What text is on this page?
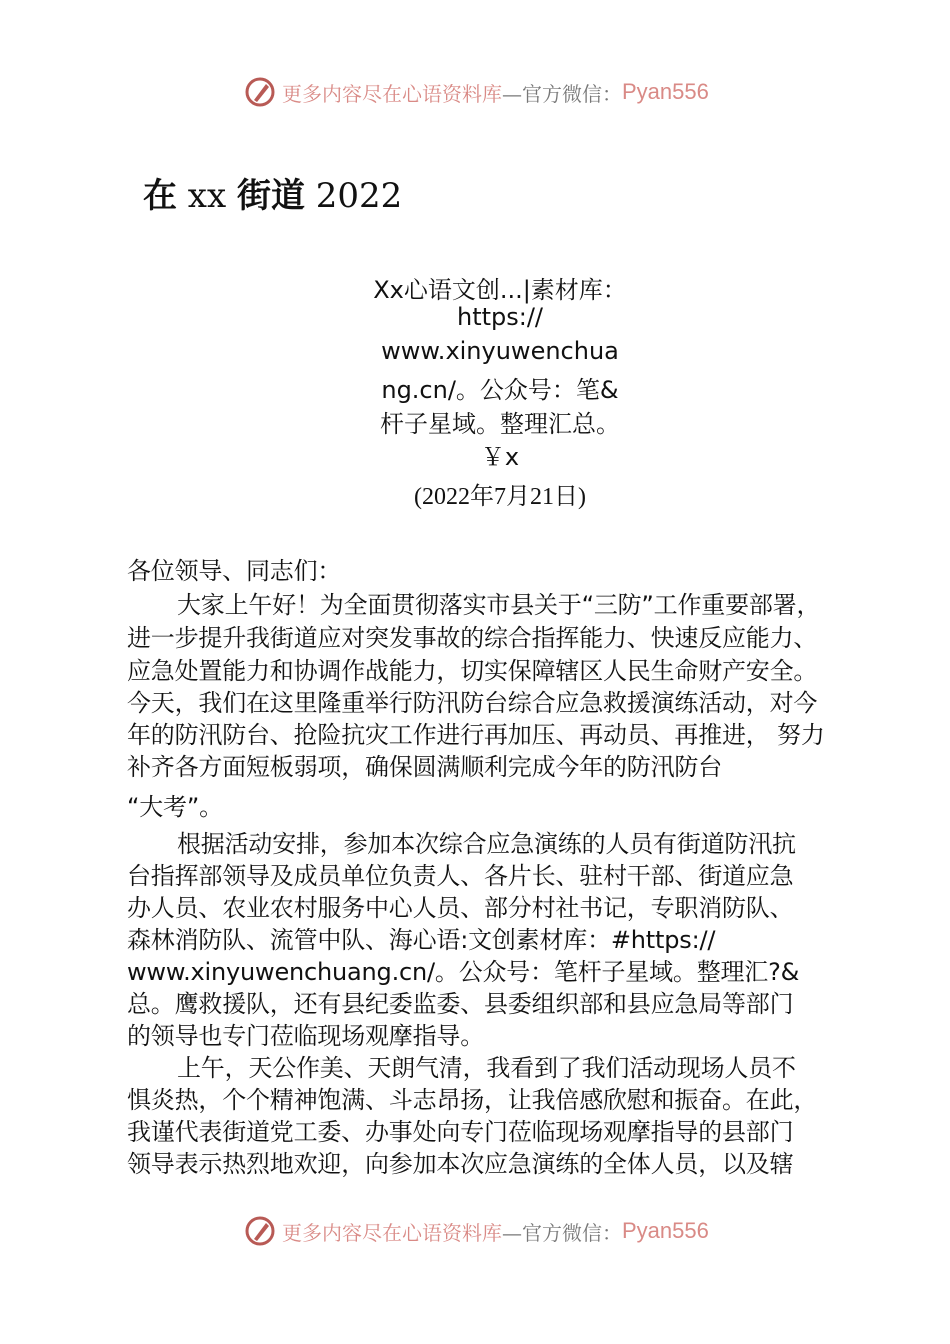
更多内容尽在心语资料库 —官方微信： Pyan556
在 xx 街道 2022
Xx心语文创...|素材库：
https://
www.xinyuwenchua
ng.cn/。公众号：笔&
杆子星域。整理汇总。
￥x
(2022年7月21日)
各位领导、同志们：
大家上午好！为全面贯彻落实市县关于“三防”工作重要部署，
进一步提升我街道应对突发事故的综合指挥能力、快速反应能力、
应急处置能力和协调作战能力，切实保障辖区人民生命财产安全。
今天，我们在这里隆重举行防汛防台综合应急救援演练活动，对今
年的防汛防台、抢险抗灾工作进行再加压、再动员、再推进， 努力
补齐各方面短板弱项，确保圆满顺利完成今年的防汛防台
“大考”。
根据活动安排，参加本次综合应急演练的人员有街道防汛抗
台指挥部领导及成员单位负责人、各片长、驻村干部、街道应急
办人员、农业农村服务中心人员、部分村社书记，专职消防队、
森林消防队、流管中队、海心语:文创素材库：#https://
www.xinyuwenchuang.cn/。公众号：笔杆子星域。整理汇?&
总。鹰救援队，还有县纪委监委、县委组织部和县应急局等部门
的领导也专门莅临现场观摩指导。
上午，天公作美、天朗气清，我看到了我们活动现场人员不
惧炎热，个个精神饱满、斗志昂扬，让我倍感欣慰和振奋。在此，
我谨代表街道党工委、办事处向专门莅临现场观摩指导的县部门
领导表示热烈地欢迎，向参加本次应急演练的全体人员，以及辖
更多内容尽在心语资料库 —官方微信： Pyan556
